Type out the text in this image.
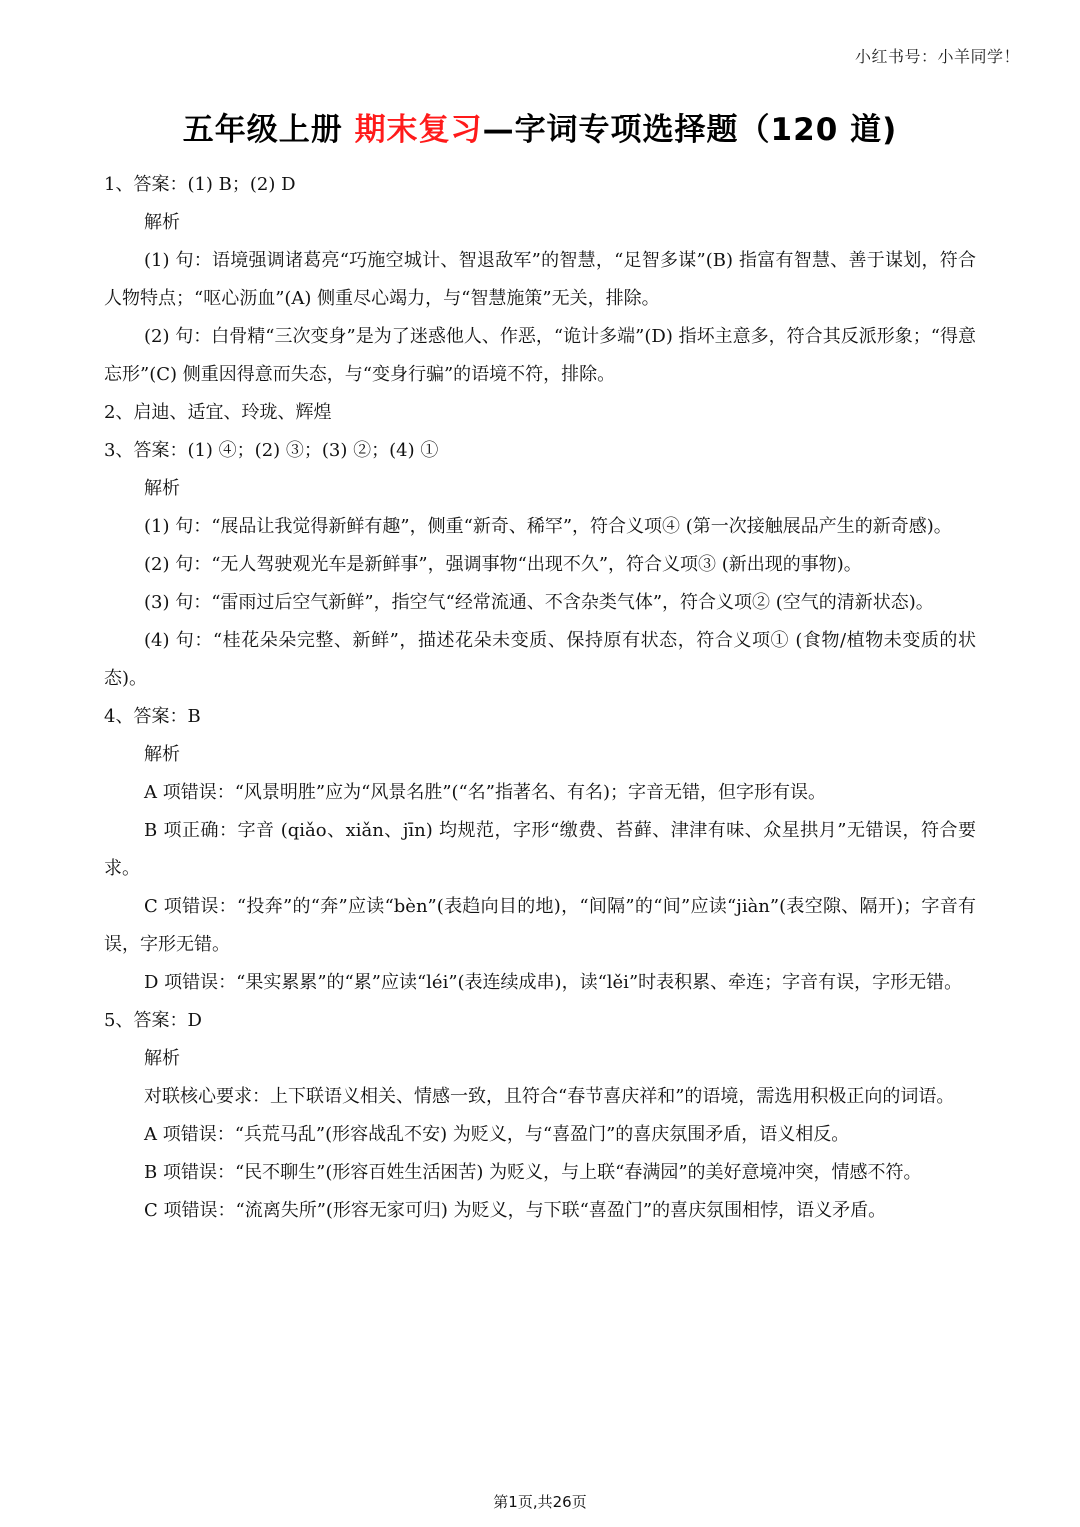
小红书号：小羊同学！
五年级上册 期末复习—字词专项选择题（120 道)

1、答案：(1) B；(2) D

解析

(1) 句：语境强调诸葛亮“巧施空城计、智退敌军”的智慧，“足智多谋”(B) 指富有智慧、善于谋划，符合人物特点；“呕心沥血”(A) 侧重尽心竭力，与“智慧施策”无关，排除。

(2) 句：白骨精“三次变身”是为了迷惑他人、作恶，“诡计多端”(D) 指坏主意多，符合其反派形象；“得意忘形”(C) 侧重因得意而失态，与“变身行骗”的语境不符，排除。

2、启迪、适宜、玲珑、辉煌

3、答案：(1) ④；(2) ③；(3) ②；(4) ①

解析

(1) 句：“展品让我觉得新鲜有趣”，侧重“新奇、稀罕”，符合义项④ (第一次接触展品产生的新奇感)。

(2) 句：“无人驾驶观光车是新鲜事”，强调事物“出现不久”，符合义项③ (新出现的事物)。

(3) 句：“雷雨过后空气新鲜”，指空气“经常流通、不含杂类气体”，符合义项② (空气的清新状态)。

(4) 句：“桂花朵朵完整、新鲜”，描述花朵未变质、保持原有状态，符合义项① (食物/植物未变质的状态)。

4、答案：B

解析

A 项错误：“风景明胜”应为“风景名胜”(“名”指著名、有名)；字音无错，但字形有误。

B 项正确：字音 (qiǎo、xiǎn、jīn) 均规范，字形“缴费、苔藓、津津有味、众星拱月”无错误，符合要求。

C 项错误：“投奔”的“奔”应读“bèn”(表趋向目的地)，“间隔”的“间”应读“jiàn”(表空隙、隔开)；字音有误，字形无错。

D 项错误：“果实累累”的“累”应读“léi”(表连续成串)，读“lěi”时表积累、牵连；字音有误，字形无错。

5、答案：D

解析

对联核心要求：上下联语义相关、情感一致，且符合“春节喜庆祥和”的语境，需选用积极正向的词语。

A 项错误：“兵荒马乱”(形容战乱不安) 为贬义，与“喜盈门”的喜庆氛围矛盾，语义相反。

B 项错误：“民不聊生”(形容百姓生活困苦) 为贬义，与上联“春满园”的美好意境冲突，情感不符。

C 项错误：“流离失所”(形容无家可归) 为贬义，与下联“喜盈门”的喜庆氛围相悖，语义矛盾。

第1页,共26页
